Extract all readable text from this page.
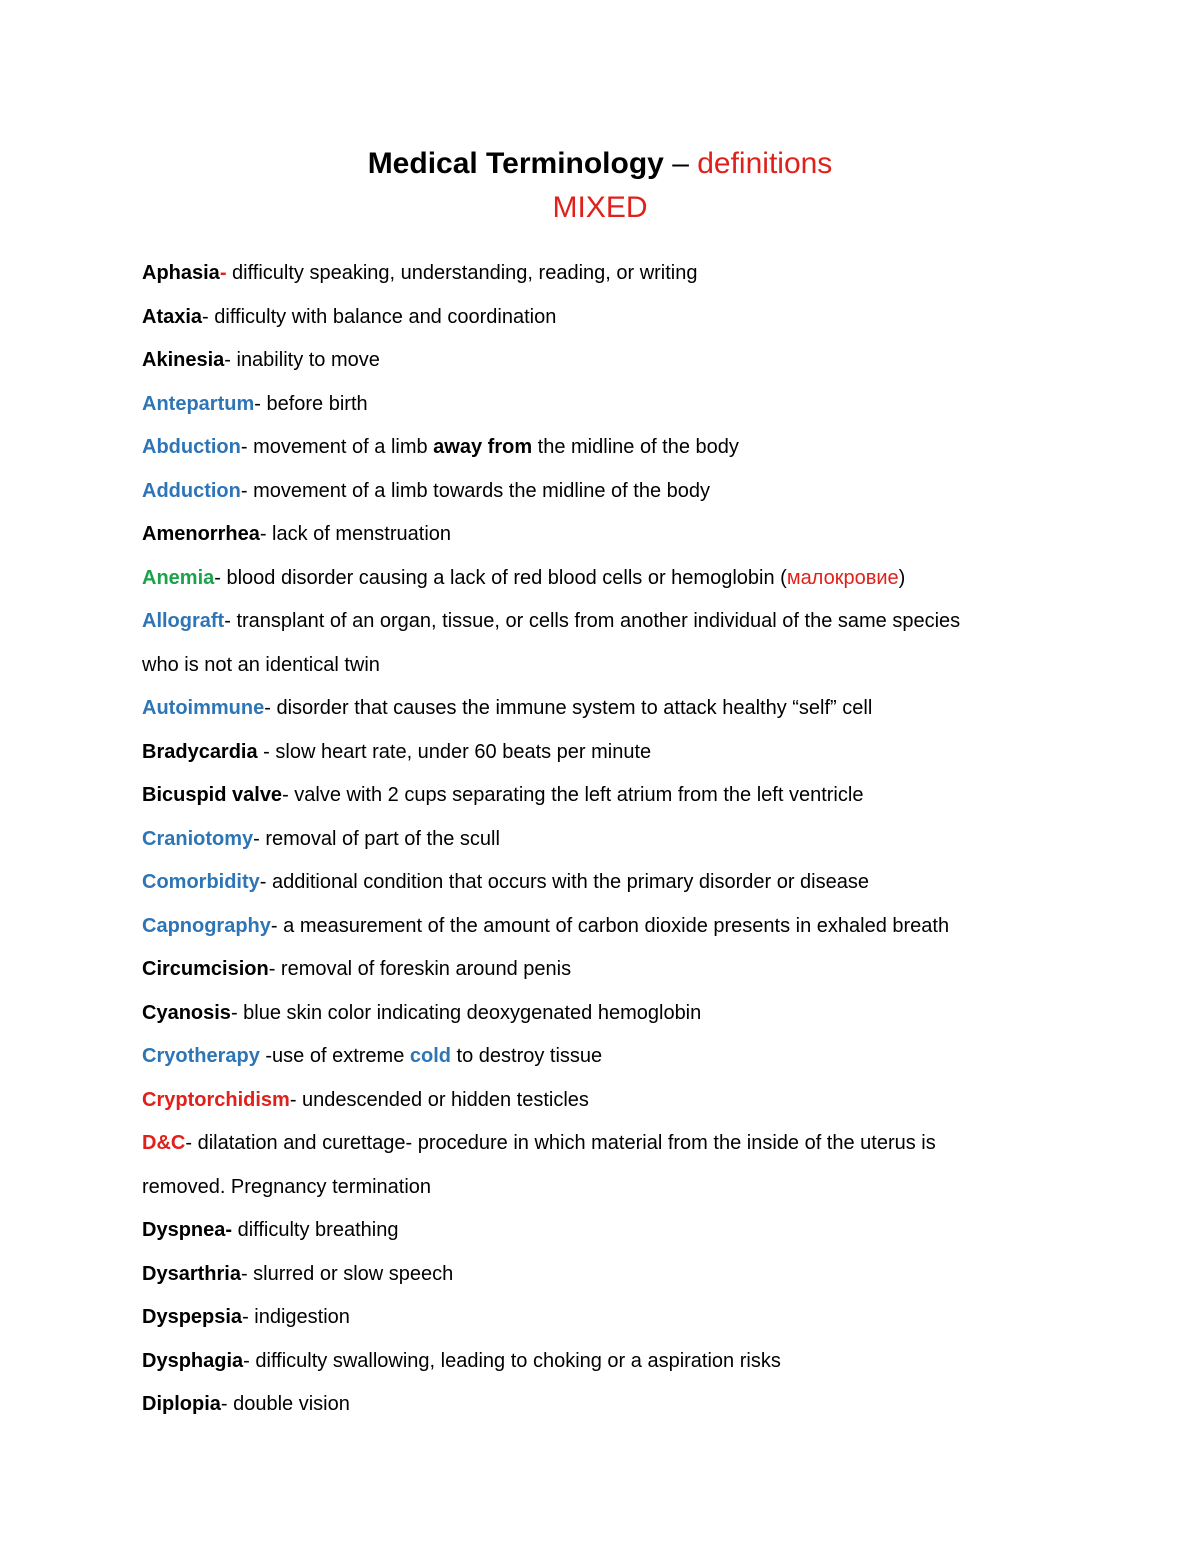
Medical Terminology – definitions
MIXED
Aphasia- difficulty speaking, understanding, reading, or writing
Ataxia- difficulty with balance and coordination
Akinesia- inability to move
Antepartum- before birth
Abduction- movement of a limb away from the midline of the body
Adduction- movement of a limb towards the midline of the body
Amenorrhea- lack of menstruation
Anemia- blood disorder causing a lack of red blood cells or hemoglobin (малокровие)
Allograft- transplant of an organ, tissue, or cells from another individual of the same species
who is not an identical twin
Autoimmune- disorder that causes the immune system to attack healthy “self” cell
Bradycardia - slow heart rate, under 60 beats per minute
Bicuspid valve- valve with 2 cups separating the left atrium from the left ventricle
Craniotomy- removal of part of the scull
Comorbidity- additional condition that occurs with the primary disorder or disease
Capnography- a measurement of the amount of carbon dioxide presents in exhaled breath
Circumcision- removal of foreskin around penis
Cyanosis- blue skin color indicating deoxygenated hemoglobin
Cryotherapy -use of extreme cold to destroy tissue
Cryptorchidism- undescended or hidden testicles
D&C- dilatation and curettage- procedure in which material from the inside of the uterus is
removed. Pregnancy termination
Dyspnea- difficulty breathing
Dysarthria- slurred or slow speech
Dyspepsia- indigestion
Dysphagia- difficulty swallowing, leading to choking or a aspiration risks
Diplopia- double vision
